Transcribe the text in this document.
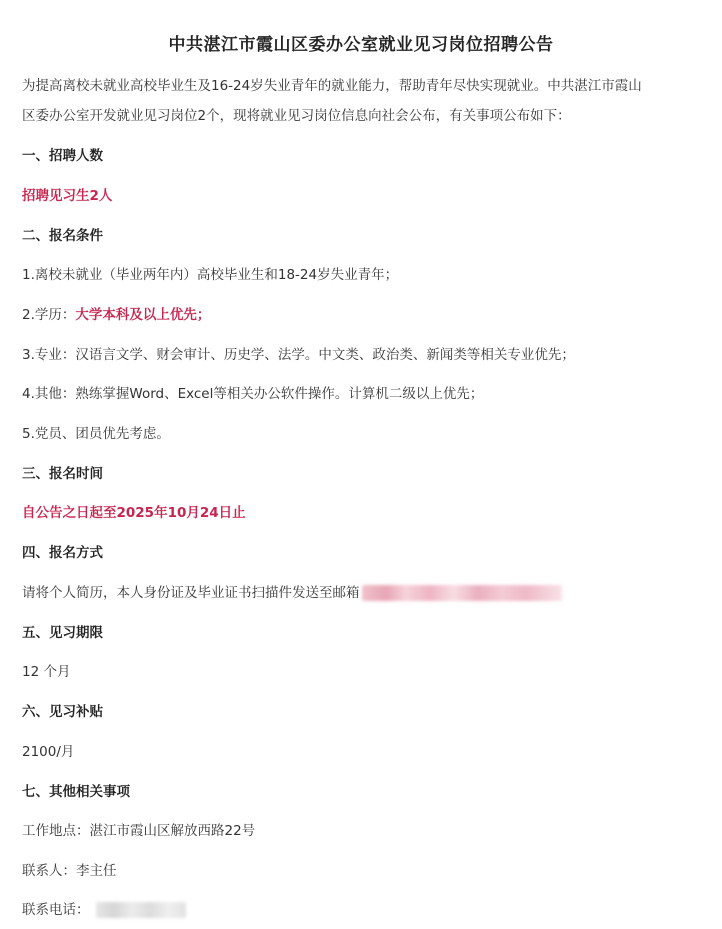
中共湛江市霞山区委办公室就业见习岗位招聘公告
为提高离校未就业高校毕业生及16-24岁失业青年的就业能力，帮助青年尽快实现就业。中共湛江市霞山
区委办公室开发就业见习岗位2个，现将就业见习岗位信息向社会公布，有关事项公布如下：
一、招聘人数
招聘见习生2人
二、报名条件
1.离校未就业（毕业两年内）高校毕业生和18-24岁失业青年；
2.学历：大学本科及以上优先；
3.专业：汉语言文学、财会审计、历史学、法学。中文类、政治类、新闻类等相关专业优先；
4.其他：熟练掌握Word、Excel等相关办公软件操作。计算机二级以上优先；
5.党员、团员优先考虑。
三、报名时间
自公告之日起至2025年10月24日止
四、报名方式
请将个人简历，本人身份证及毕业证书扫描件发送至邮箱
五、见习期限
12 个月
六、见习补贴
2100/月
七、其他相关事项
工作地点：湛江市霞山区解放西路22号
联系人：李主任
联系电话：
